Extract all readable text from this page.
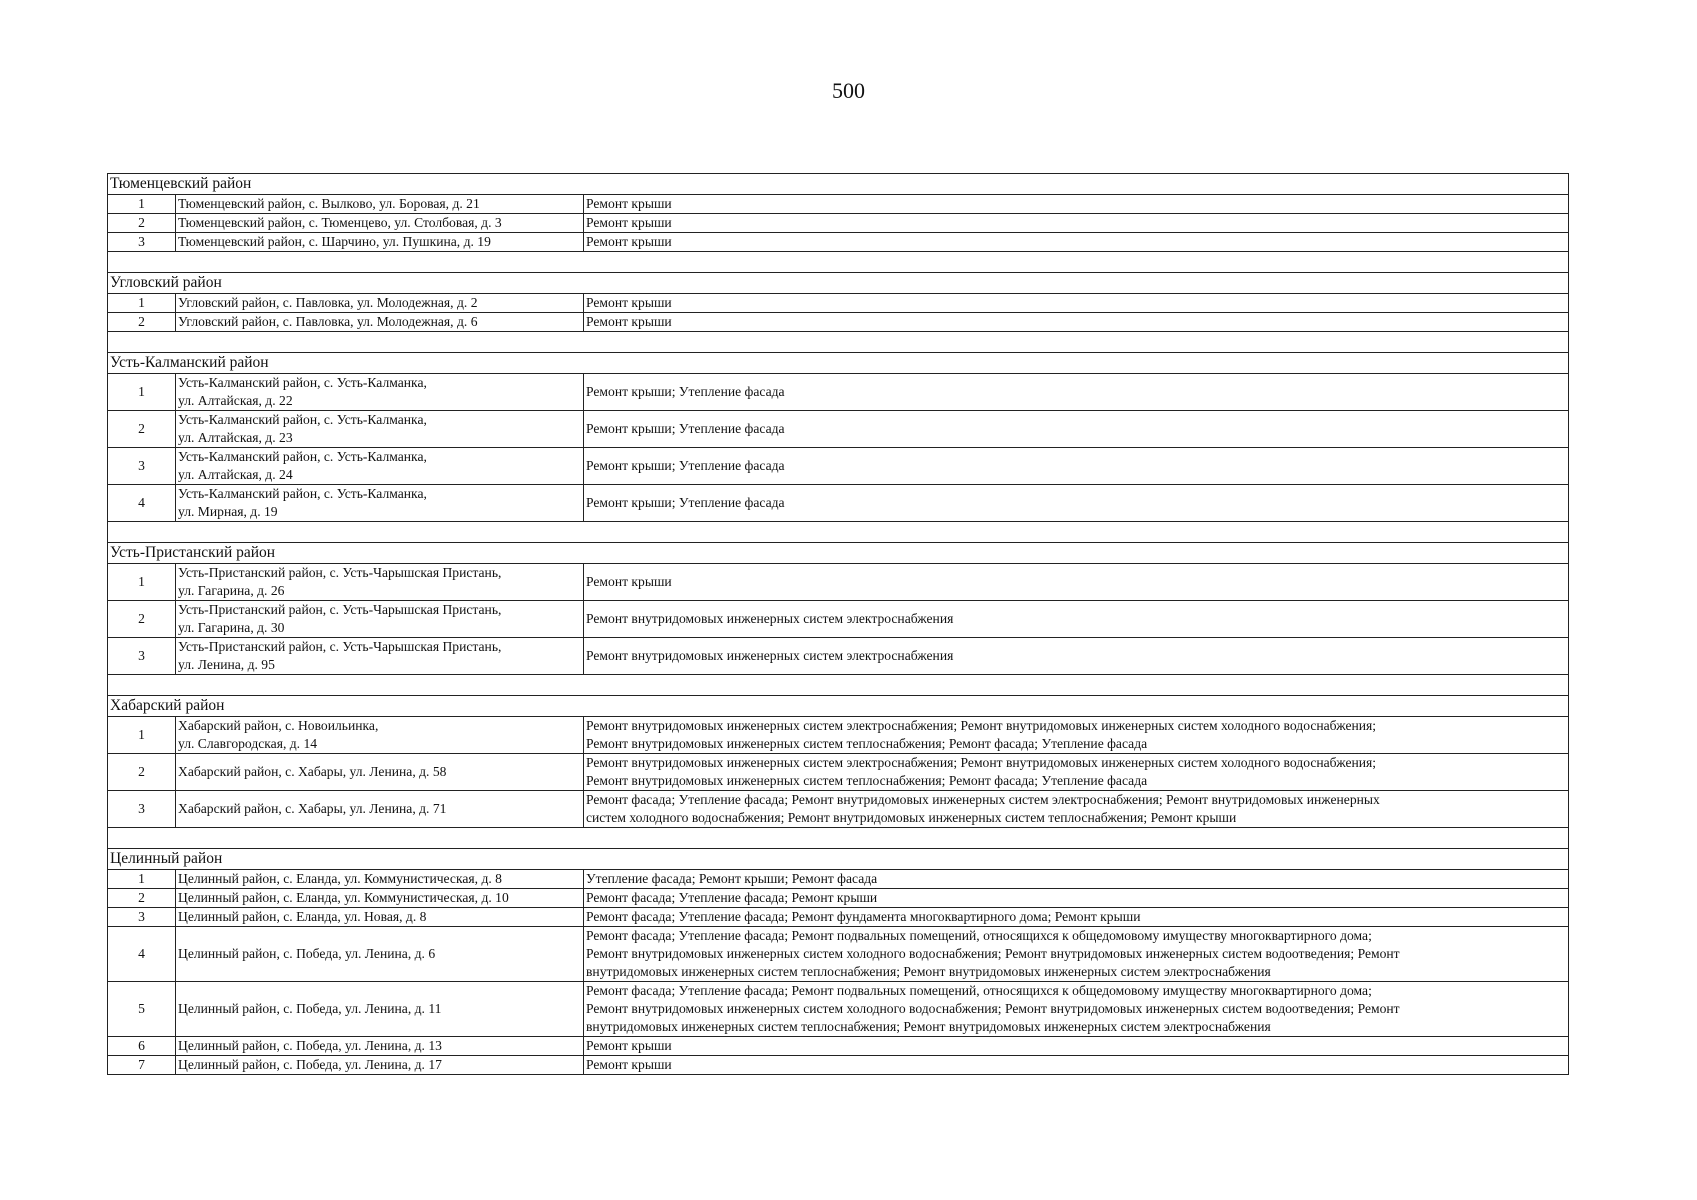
500
Тюменцевский район		
1	Тюменцевский район, с. Вылково, ул. Боровая, д. 21	Ремонт крыши

2	Тюменцевский район, с. Тюменцево, ул. Столбовая, д. 3	Ремонт крыши

3	Тюменцевский район, с. Шарчино, ул. Пушкина, д. 19	Ремонт крыши

Угловский район		
1	Угловский район, с. Павловка, ул. Молодежная, д. 2	Ремонт крыши

2	Угловский район, с. Павловка, ул. Молодежная, д. 6	Ремонт крыши

Усть-Калманский район		
1	Усть-Калманский район, с. Усть-Калманка,
ул. Алтайская, д. 22	Ремонт крыши; Утепление фасада

2	Усть-Калманский район, с. Усть-Калманка,
ул. Алтайская, д. 23	Ремонт крыши; Утепление фасада

3	Усть-Калманский район, с. Усть-Калманка,
ул. Алтайская, д. 24	Ремонт крыши; Утепление фасада

4	Усть-Калманский район, с. Усть-Калманка,
ул. Мирная, д. 19	Ремонт крыши; Утепление фасада

Усть-Пристанский район		
1	Усть-Пристанский район, с. Усть-Чарышская Пристань,
ул. Гагарина, д. 26	Ремонт крыши

2	Усть-Пристанский район, с. Усть-Чарышская Пристань,
ул. Гагарина, д. 30	Ремонт внутридомовых инженерных систем электроснабжения

3	Усть-Пристанский район, с. Усть-Чарышская Пристань,
ул. Ленина, д. 95	Ремонт внутридомовых инженерных систем электроснабжения

Хабарский район		
1	Хабарский район, с. Новоильинка,
ул. Славгородская, д. 14	Ремонт внутридомовых инженерных систем электроснабжения; Ремонт внутридомовых инженерных систем холодного водоснабжения;
Ремонт внутридомовых инженерных систем теплоснабжения; Ремонт фасада; Утепление фасада

2	Хабарский район, с. Хабары, ул. Ленина, д. 58	Ремонт внутридомовых инженерных систем электроснабжения; Ремонт внутридомовых инженерных систем холодного водоснабжения;
Ремонт внутридомовых инженерных систем теплоснабжения; Ремонт фасада; Утепление фасада

3	Хабарский район, с. Хабары, ул. Ленина, д. 71	Ремонт фасада; Утепление фасада; Ремонт внутридомовых инженерных систем электроснабжения; Ремонт внутридомовых инженерных
систем холодного водоснабжения; Ремонт внутридомовых инженерных систем теплоснабжения; Ремонт крыши

Целинный район		
1	Целинный район, с. Еланда, ул. Коммунистическая, д. 8	Утепление фасада; Ремонт крыши; Ремонт фасада

2	Целинный район, с. Еланда, ул. Коммунистическая, д. 10	Ремонт фасада; Утепление фасада; Ремонт крыши

3	Целинный район, с. Еланда, ул. Новая, д. 8	Ремонт фасада; Утепление фасада; Ремонт фундамента многоквартирного дома; Ремонт крыши

4	Целинный район, с. Победа, ул. Ленина, д. 6	Ремонт фасада; Утепление фасада; Ремонт подвальных помещений, относящихся к общедомовому имуществу многоквартирного дома;
Ремонт внутридомовых инженерных систем холодного водоснабжения; Ремонт внутридомовых инженерных систем водоотведения; Ремонт
внутридомовых инженерных систем теплоснабжения; Ремонт внутридомовых инженерных систем электроснабжения

5	Целинный район, с. Победа, ул. Ленина, д. 11	Ремонт фасада; Утепление фасада; Ремонт подвальных помещений, относящихся к общедомовому имуществу многоквартирного дома;
Ремонт внутридомовых инженерных систем холодного водоснабжения; Ремонт внутридомовых инженерных систем водоотведения; Ремонт
внутридомовых инженерных систем теплоснабжения; Ремонт внутридомовых инженерных систем электроснабжения

6	Целинный район, с. Победа, ул. Ленина, д. 13	Ремонт крыши

7	Целинный район, с. Победа, ул. Ленина, д. 17	Ремонт крыши
